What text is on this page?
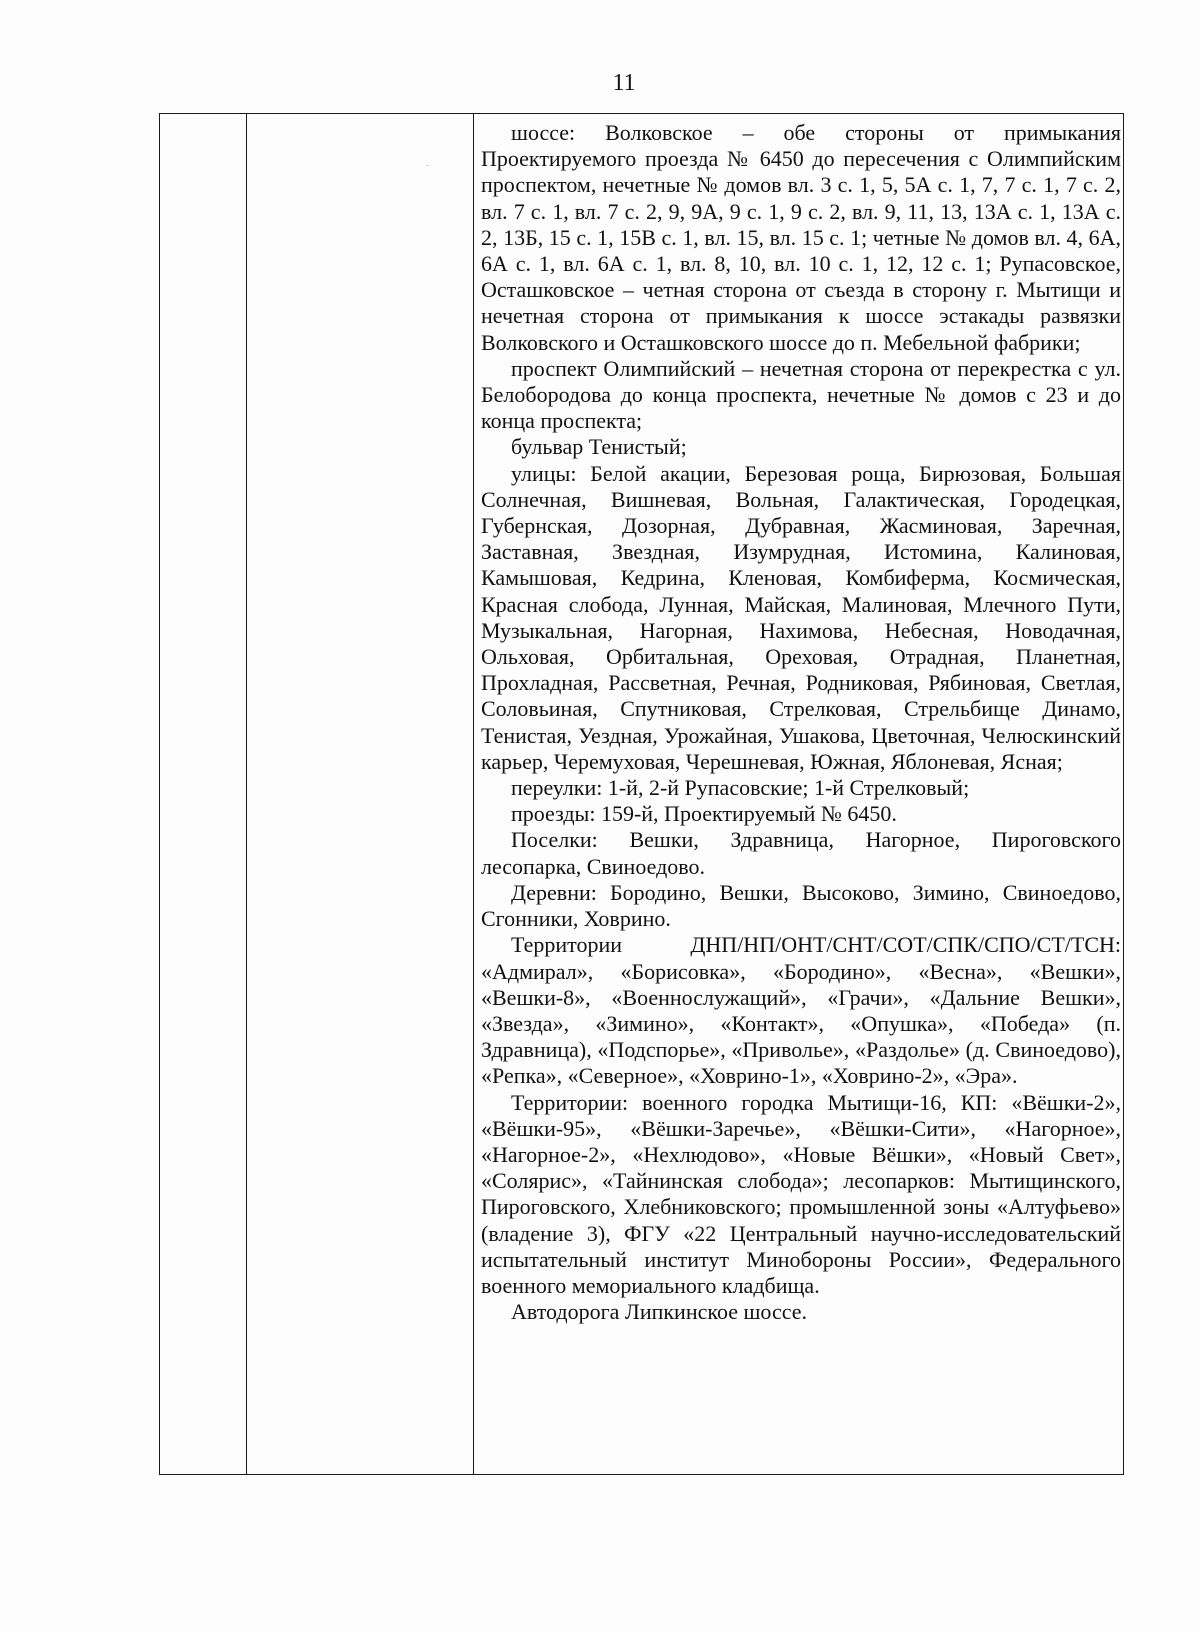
11

шоссе: Волковское – обе стороны от примыкания Проектируемого проезда № 6450 до пересечения с Олимпийским проспектом, нечетные № домов вл. 3 с. 1, 5, 5А с. 1, 7, 7 с. 1, 7 с. 2, вл. 7 с. 1, вл. 7 с. 2, 9, 9А, 9 с. 1, 9 с. 2, вл. 9, 11, 13, 13А с. 1, 13А с. 2, 13Б, 15 с. 1, 15В с. 1, вл. 15, вл. 15 с. 1; четные № домов вл. 4, 6А, 6А с. 1, вл. 6А с. 1, вл. 8, 10, вл. 10 с. 1, 12, 12 с. 1; Рупасовское, Осташковское – четная сторона от съезда в сторону г. Мытищи и нечетная сторона от примыкания к шоссе эстакады развязки Волковского и Осташковского шоссе до п. Мебельной фабрики;

проспект Олимпийский – нечетная сторона от перекрестка с ул. Белобородова до конца проспекта, нечетные № домов с 23 и до конца проспекта;

бульвар Тенистый;

улицы: Белой акации, Березовая роща, Бирюзовая, Большая Солнечная, Вишневая, Вольная, Галактическая, Городецкая, Губернская, Дозорная, Дубравная, Жасминовая, Заречная, Заставная, Звездная, Изумрудная, Истомина, Калиновая, Камышовая, Кедрина, Кленовая, Комбиферма, Космическая, Красная слобода, Лунная, Майская, Малиновая, Млечного Пути, Музыкальная, Нагорная, Нахимова, Небесная, Новодачная, Ольховая, Орбитальная, Ореховая, Отрадная, Планетная, Прохладная, Рассветная, Речная, Родниковая, Рябиновая, Светлая, Соловьиная, Спутниковая, Стрелковая, Стрельбище Динамо, Тенистая, Уездная, Урожайная, Ушакова, Цветочная, Челюскинский карьер, Черемуховая, Черешневая, Южная, Яблоневая, Ясная;

переулки: 1-й, 2-й Рупасовские; 1-й Стрелковый;

проезды: 159-й, Проектируемый № 6450.

Поселки: Вешки, Здравница, Нагорное, Пироговского лесопарка, Свиноедово.

Деревни: Бородино, Вешки, Высоково, Зимино, Свиноедово, Сгонники, Ховрино.

Территории ДНП/НП/ОНТ/СНТ/СОТ/СПК/СПО/СТ/ТСН: «Адмирал», «Борисовка», «Бородино», «Весна», «Вешки», «Вешки-8», «Военнослужащий», «Грачи», «Дальние Вешки», «Звезда», «Зимино», «Контакт», «Опушка», «Победа» (п. Здравница), «Подспорье», «Приволье», «Раздолье» (д. Свиноедово), «Репка», «Северное», «Ховрино-1», «Ховрино-2», «Эра».

Территории: военного городка Мытищи-16, КП: «Вёшки-2», «Вёшки-95», «Вёшки-Заречье», «Вёшки-Сити», «Нагорное», «Нагорное-2», «Нехлюдово», «Новые Вёшки», «Новый Свет», «Солярис», «Тайнинская слобода»; лесопарков: Мытищинского, Пироговского, Хлебниковского; промышленной зоны «Алтуфьево» (владение 3), ФГУ «22 Центральный научно-исследовательский испытательный институт Минобороны России», Федерального военного мемориального кладбища.

Автодорога Липкинское шоссе.
